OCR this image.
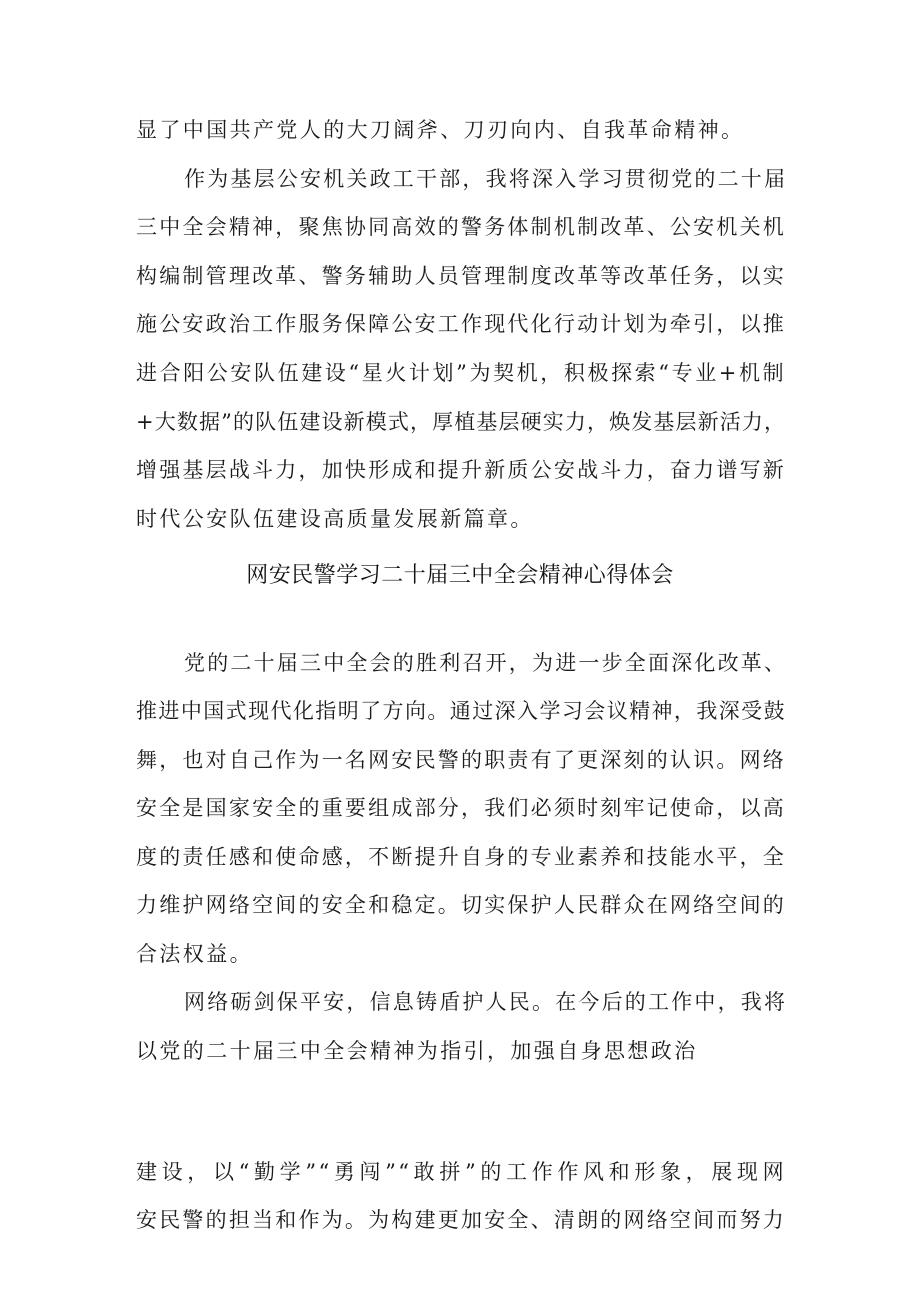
显了中国共产党人的大刀阔斧、刀刃向内、自我革命精神。
作为基层公安机关政工干部，我将深入学习贯彻党的二十届
三中全会精神，聚焦协同高效的警务体制机制改革、公安机关机
构编制管理改革、警务辅助人员管理制度改革等改革任务，以实
施公安政治工作服务保障公安工作现代化行动计划为牵引，以推
进合阳公安队伍建设“星火计划”为契机，积极探索“专业+机制
+大数据”的队伍建设新模式，厚植基层硬实力，焕发基层新活力，
增强基层战斗力，加快形成和提升新质公安战斗力，奋力谱写新
时代公安队伍建设高质量发展新篇章。
网安民警学习二十届三中全会精神心得体会
党的二十届三中全会的胜利召开，为进一步全面深化改革、
推进中国式现代化指明了方向。通过深入学习会议精神，我深受鼓
舞，也对自己作为一名网安民警的职责有了更深刻的认识。网络
安全是国家安全的重要组成部分，我们必须时刻牢记使命，以高
度的责任感和使命感，不断提升自身的专业素养和技能水平，全
力维护网络空间的安全和稳定。切实保护人民群众在网络空间的
合法权益。
网络砺剑保平安，信息铸盾护人民。在今后的工作中，我将
以党的二十届三中全会精神为指引，加强自身思想政治
建设，以“勤学”“勇闯”“敢拼”的工作作风和形象，展现网
安民警的担当和作为。为构建更加安全、清朗的网络空间而努力
